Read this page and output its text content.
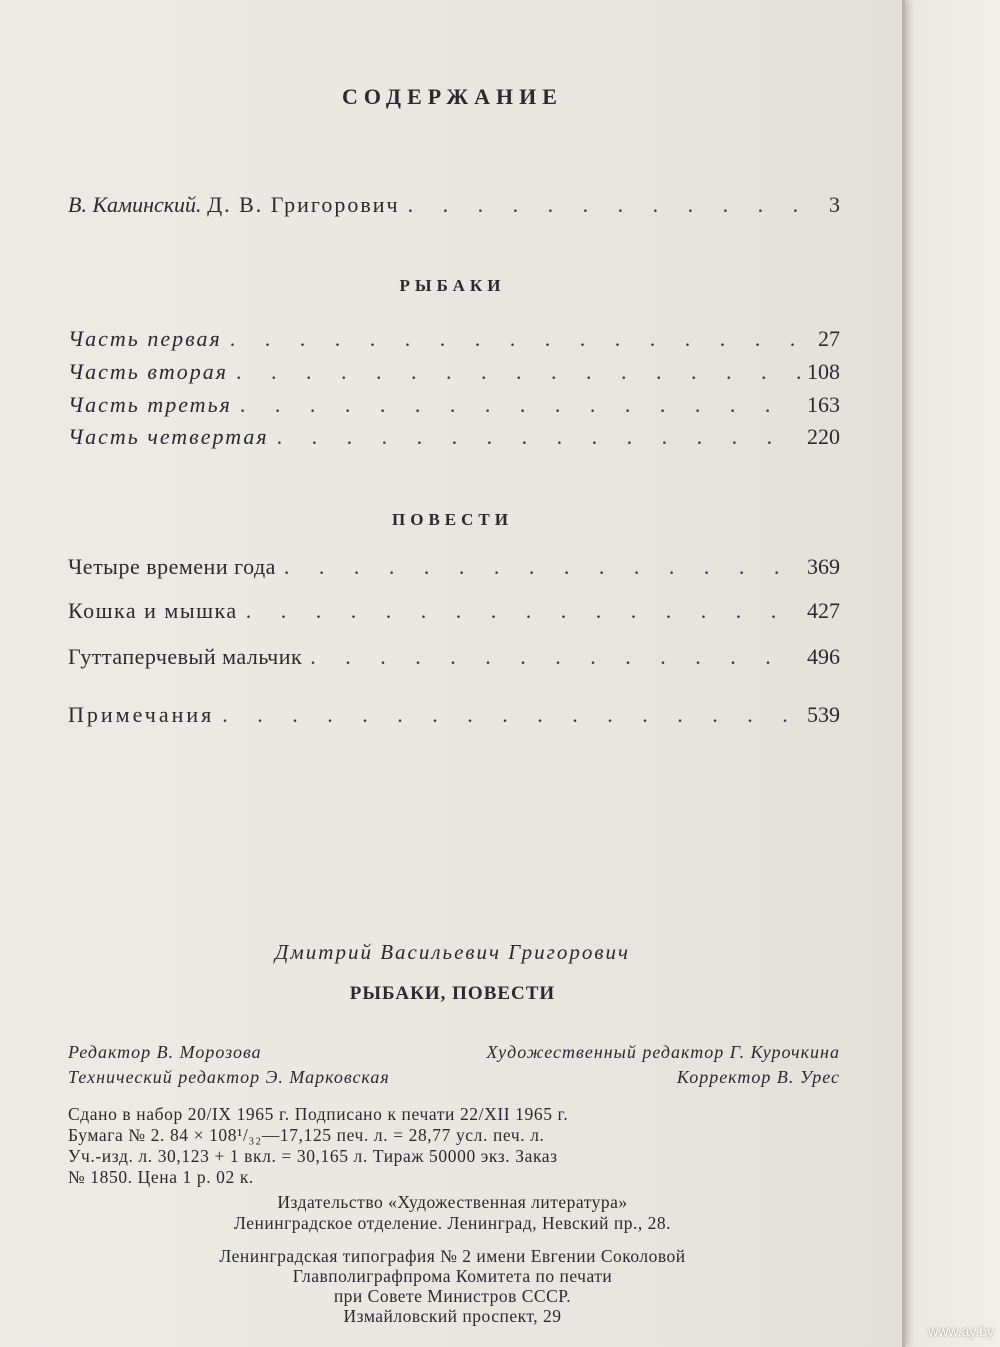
СОДЕРЖАНИЕ
В. Каминский. Д. В. Григорович . . .	3
РЫБАКИ
Часть первая . . .	27
Часть вторая . . .	108
Часть третья . . .	163
Часть четвертая . . .	220
ПОВЕСТИ
Четыре времени года . . .	369
Кошка и мышка . . .	427
Гуттаперчевый мальчик . . .	496
Примечания . . .	539
Дмитрий Васильевич Григорович
РЫБАКИ, ПОВЕСТИ
Редактор В. Морозова	Художественный редактор Г. Курочкина
Технический редактор Э. Марковская	Корректор В. Урес
Сдано в набор 20/IX 1965 г. Подписано к печати 22/XII 1965 г.
Бумага № 2. 84 × 108¹/₃₂—17,125 печ. л. = 28,77 усл. печ. л.
Уч.-изд. л. 30,123 + 1 вкл. = 30,165 л. Тираж 50000 экз. Заказ
№ 1850. Цена 1 р. 02 к.
Издательство «Художественная литература»
Ленинградское отделение. Ленинград, Невский пр., 28.
Ленинградская типография № 2 имени Евгении Соколовой
Главполиграфпрома Комитета по печати
при Совете Министров СССР.
Измайловский проспект, 29
www.ay.by
